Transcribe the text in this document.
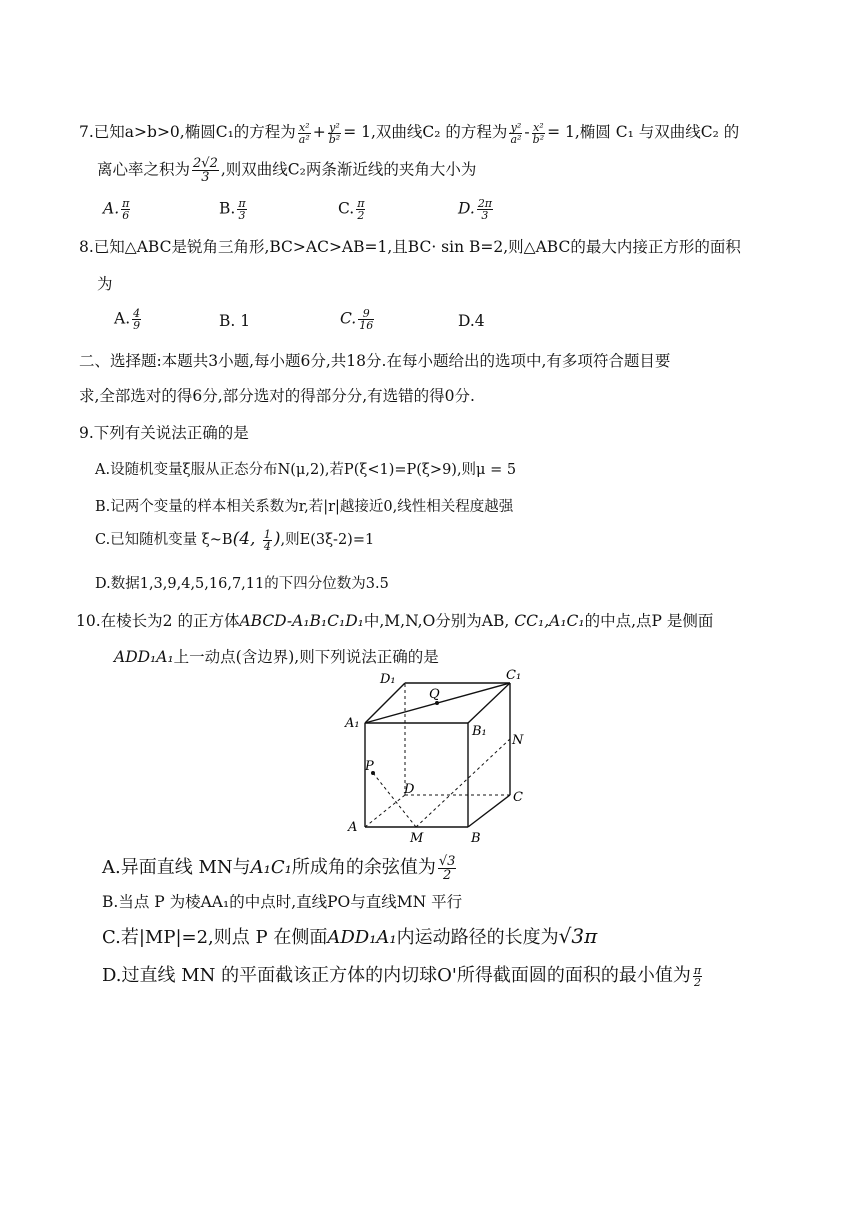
7.已知a>b>0,椭圆C₁的方程为 $\frac{\text{x²}}{\text{a²}} + \frac{\text{y²}}{\text{b²}} = 1$,双曲线C₂ 的方程为 $\frac{\text{y²}}{\text{a²}} - \frac{\text{x²}}{\text{b²}} = 1$,椭圆 C₁ 与双曲线C₂ 的
离心率之积为 $\frac{2√2}{3}$ ,则双曲线C₂两条渐近线的夹角大小为
A. $\frac{\pi}{6}$	B. $\frac{\pi}{3}$	C. $\frac{\pi}{2}$	D. $\frac{2\pi}{3}$
8.已知△ABC是锐角三角形,BC>AC>AB=1,且BC· sin B=2,则△ABC的最大内接正方形的面积
为
A. $\frac{4}{9}$	B. 1	C. $\frac{9}{16}$	D.4
二、选择题:本题共3小题,每小题6分,共18分.在每小题给出的选项中,有多项符合题目要
求,全部选对的得6分,部分选对的得部分分,有选错的得0分.
9.下列有关说法正确的是
A.设随机变量ξ服从正态分布N(μ,2),若P(ξ<1)=P(ξ>9),则μ = 5
B.记两个变量的样本相关系数为r,若|r|越接近0,线性相关程度越强
C.已知随机变量 ξ~B(4, $\frac{1}{4}$ ),则E(3ξ-2)=1
D.数据1,3,9,4,5,16,7,11的下四分位数为3.5
10.在棱长为2 的正方体ABCD-A₁B₁C₁D₁中,M,N,O分别为AB, CC₁,A₁C₁的中点,点P 是侧面
ADD₁A₁上一动点(含边界),则下列说法正确的是
A
B
C
D
A₁
B₁
C₁
D₁
M
N
Q
P
A.异面直线 MN与A₁C₁所成角的余弦值为 $\frac{√3}{2}$
B.当点 P 为棱AA₁的中点时,直线PO与直线MN 平行
C.若|MP|=2,则点 P 在侧面ADD₁A₁内运动路径的长度为√3π
D.过直线 MN 的平面截该正方体的内切球O'所得截面圆的面积的最小值为 $\frac{\pi}{2}$
